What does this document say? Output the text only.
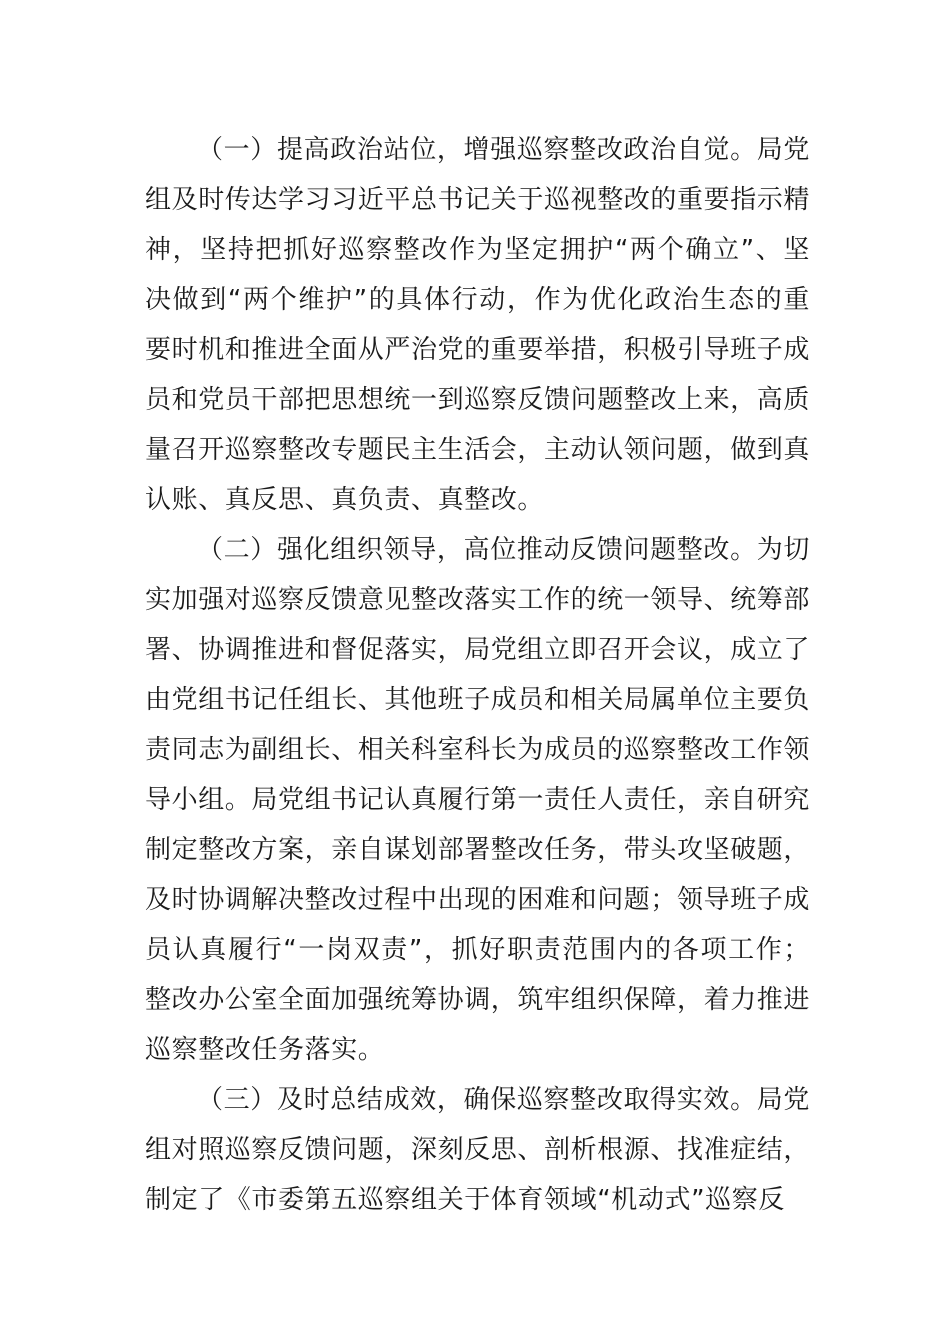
（一）提高政治站位，增强巡察整改政治自觉。局党组及时传达学习习近平总书记关于巡视整改的重要指示精神，坚持把抓好巡察整改作为坚定拥护“两个确立”、坚决做到“两个维护”的具体行动，作为优化政治生态的重要时机和推进全面从严治党的重要举措，积极引导班子成员和党员干部把思想统一到巡察反馈问题整改上来，高质量召开巡察整改专题民主生活会，主动认领问题，做到真认账、真反思、真负责、真整改。

（二）强化组织领导，高位推动反馈问题整改。为切实加强对巡察反馈意见整改落实工作的统一领导、统筹部署、协调推进和督促落实，局党组立即召开会议，成立了由党组书记任组长、其他班子成员和相关局属单位主要负责同志为副组长、相关科室科长为成员的巡察整改工作领导小组。局党组书记认真履行第一责任人责任，亲自研究制定整改方案，亲自谋划部署整改任务，带头攻坚破题，及时协调解决整改过程中出现的困难和问题；领导班子成员认真履行“一岗双责”，抓好职责范围内的各项工作；整改办公室全面加强统筹协调，筑牢组织保障，着力推进巡察整改任务落实。

（三）及时总结成效，确保巡察整改取得实效。局党组对照巡察反馈问题，深刻反思、剖析根源、找准症结，制定了《市委第五巡察组关于体育领域“机动式”巡察反
